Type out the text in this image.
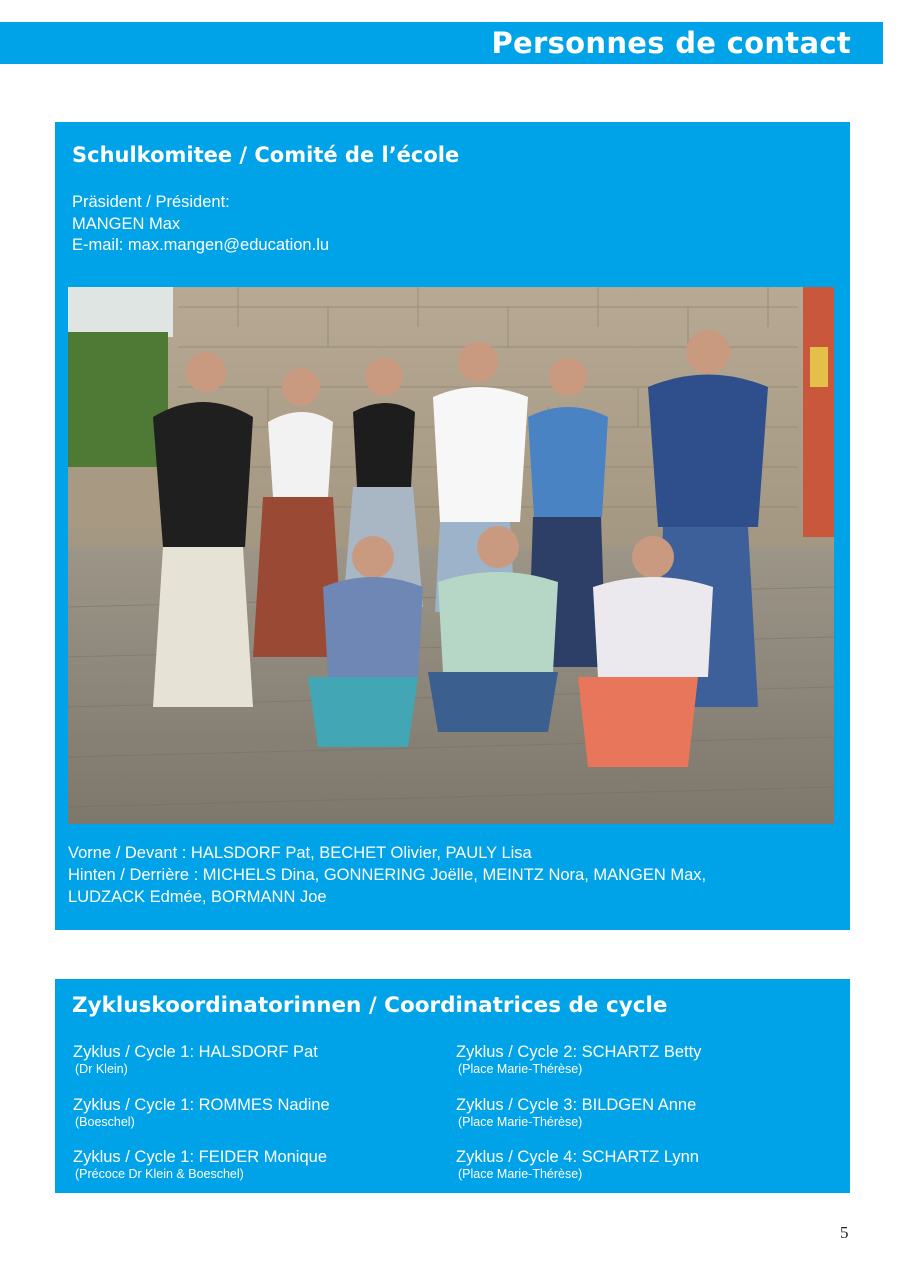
Personnes de contact
Schulkomitee / Comité de l’école
Präsident / Président:
MANGEN Max
E-mail: max.mangen@education.lu
Vorne / Devant : HALSDORF Pat, BECHET Olivier, PAULY Lisa
Hinten / Derrière : MICHELS Dina, GONNERING Joëlle, MEINTZ Nora, MANGEN Max,
LUDZACK Edmée, BORMANN Joe
Zykluskoordinatorinnen / Coordinatrices de cycle
Zyklus / Cycle 1: HALSDORF Pat
(Dr Klein)
Zyklus / Cycle 2: SCHARTZ Betty
(Place Marie-Thérèse)
Zyklus / Cycle 1: ROMMES Nadine
(Boeschel)
Zyklus / Cycle 3: BILDGEN Anne
(Place Marie-Thérèse)
Zyklus / Cycle 1: FEIDER Monique
(Précoce Dr Klein & Boeschel)
Zyklus / Cycle 4: SCHARTZ Lynn
(Place Marie-Thérèse)
5
